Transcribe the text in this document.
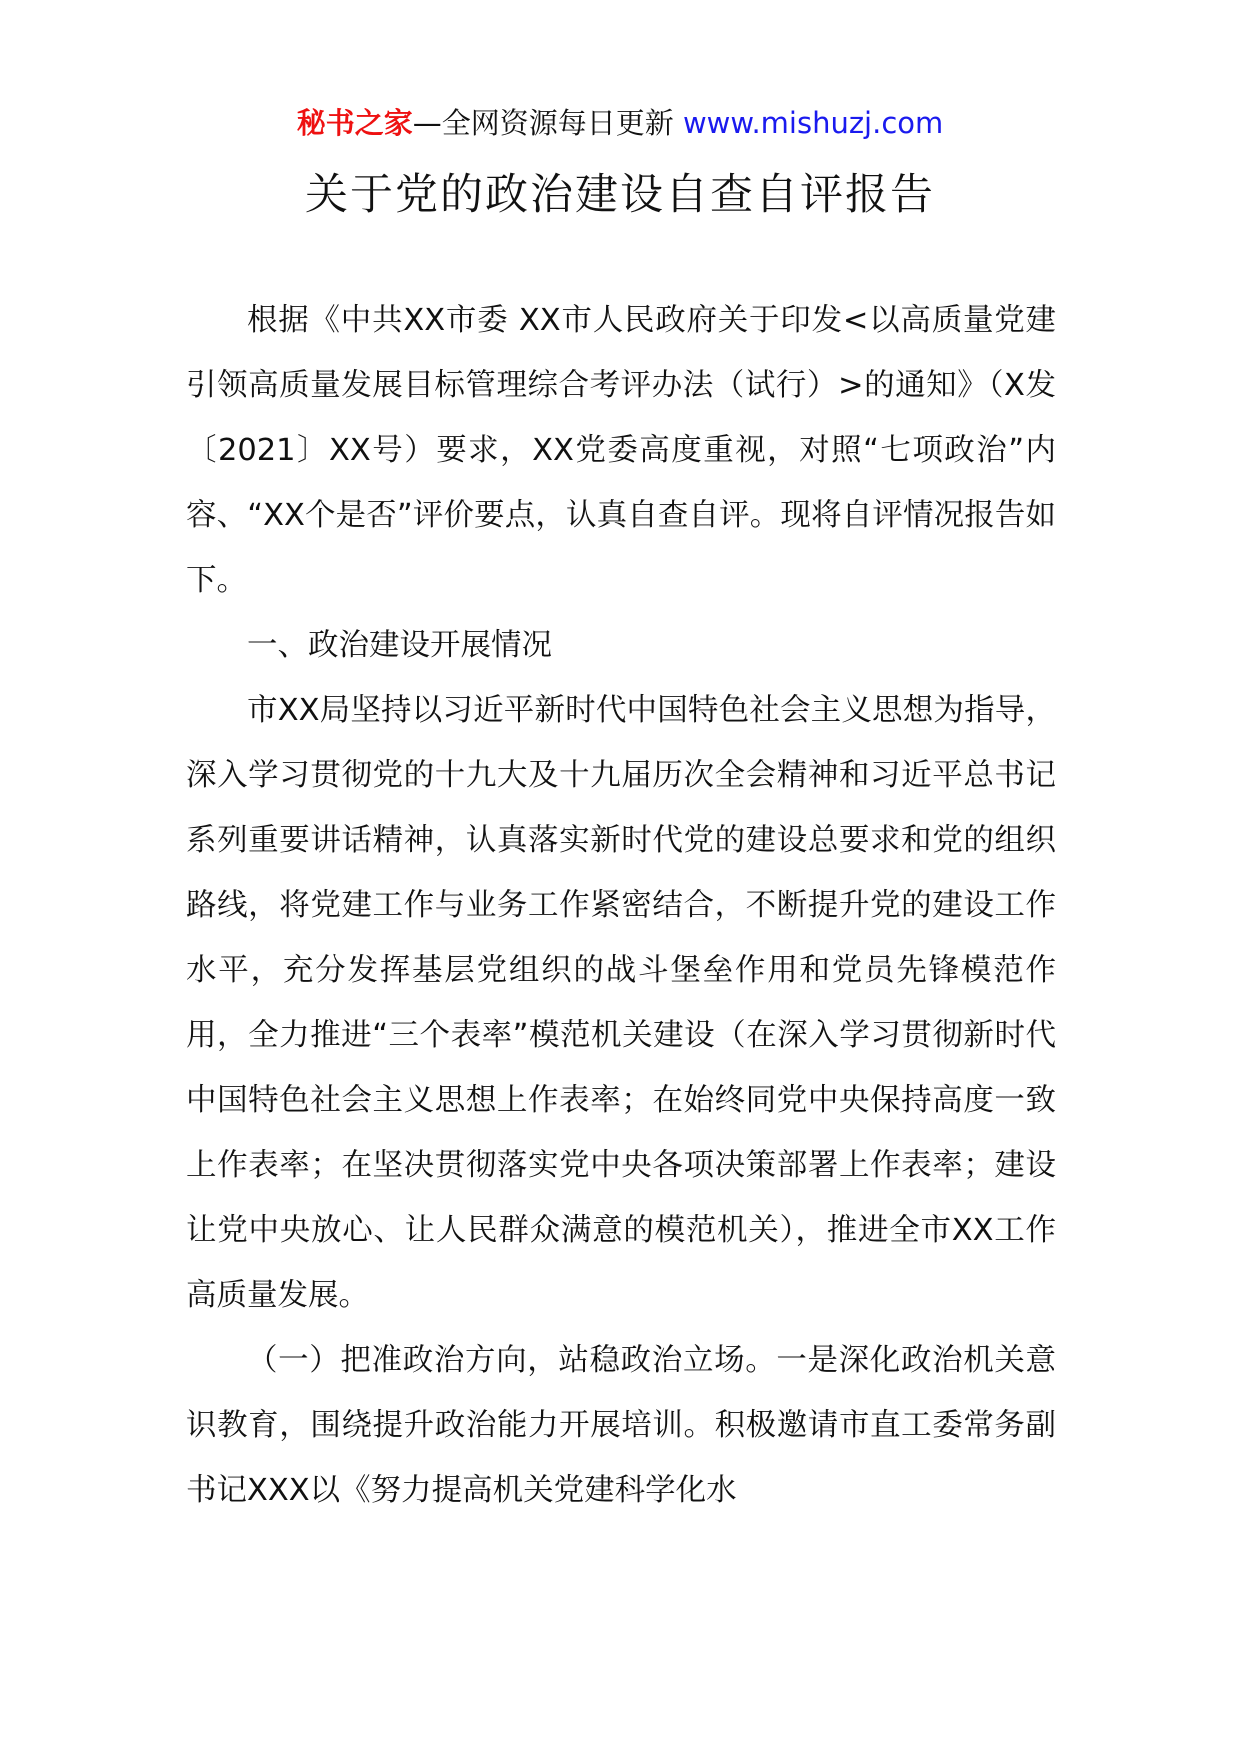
秘书之家—全网资源每日更新 www.mishuzj.com
关于党的政治建设自查自评报告

根据《中共XX市委 XX市人民政府关于印发<以高质量党建引领高质量发展目标管理综合考评办法（试行）>的通知》（X发〔2021〕XX号）要求，XX党委高度重视，对照“七项政治”内容、“XX个是否”评价要点，认真自查自评。现将自评情况报告如下。

一、政治建设开展情况

市XX局坚持以习近平新时代中国特色社会主义思想为指导，深入学习贯彻党的十九大及十九届历次全会精神和习近平总书记系列重要讲话精神，认真落实新时代党的建设总要求和党的组织路线，将党建工作与业务工作紧密结合，不断提升党的建设工作水平，充分发挥基层党组织的战斗堡垒作用和党员先锋模范作用，全力推进“三个表率”模范机关建设（在深入学习贯彻新时代中国特色社会主义思想上作表率；在始终同党中央保持高度一致上作表率；在坚决贯彻落实党中央各项决策部署上作表率；建设让党中央放心、让人民群众满意的模范机关），推进全市XX工作高质量发展。

（一）把准政治方向，站稳政治立场。一是深化政治机关意识教育，围绕提升政治能力开展培训。积极邀请市直工委常务副书记XXX以《努力提高机关党建科学化水
